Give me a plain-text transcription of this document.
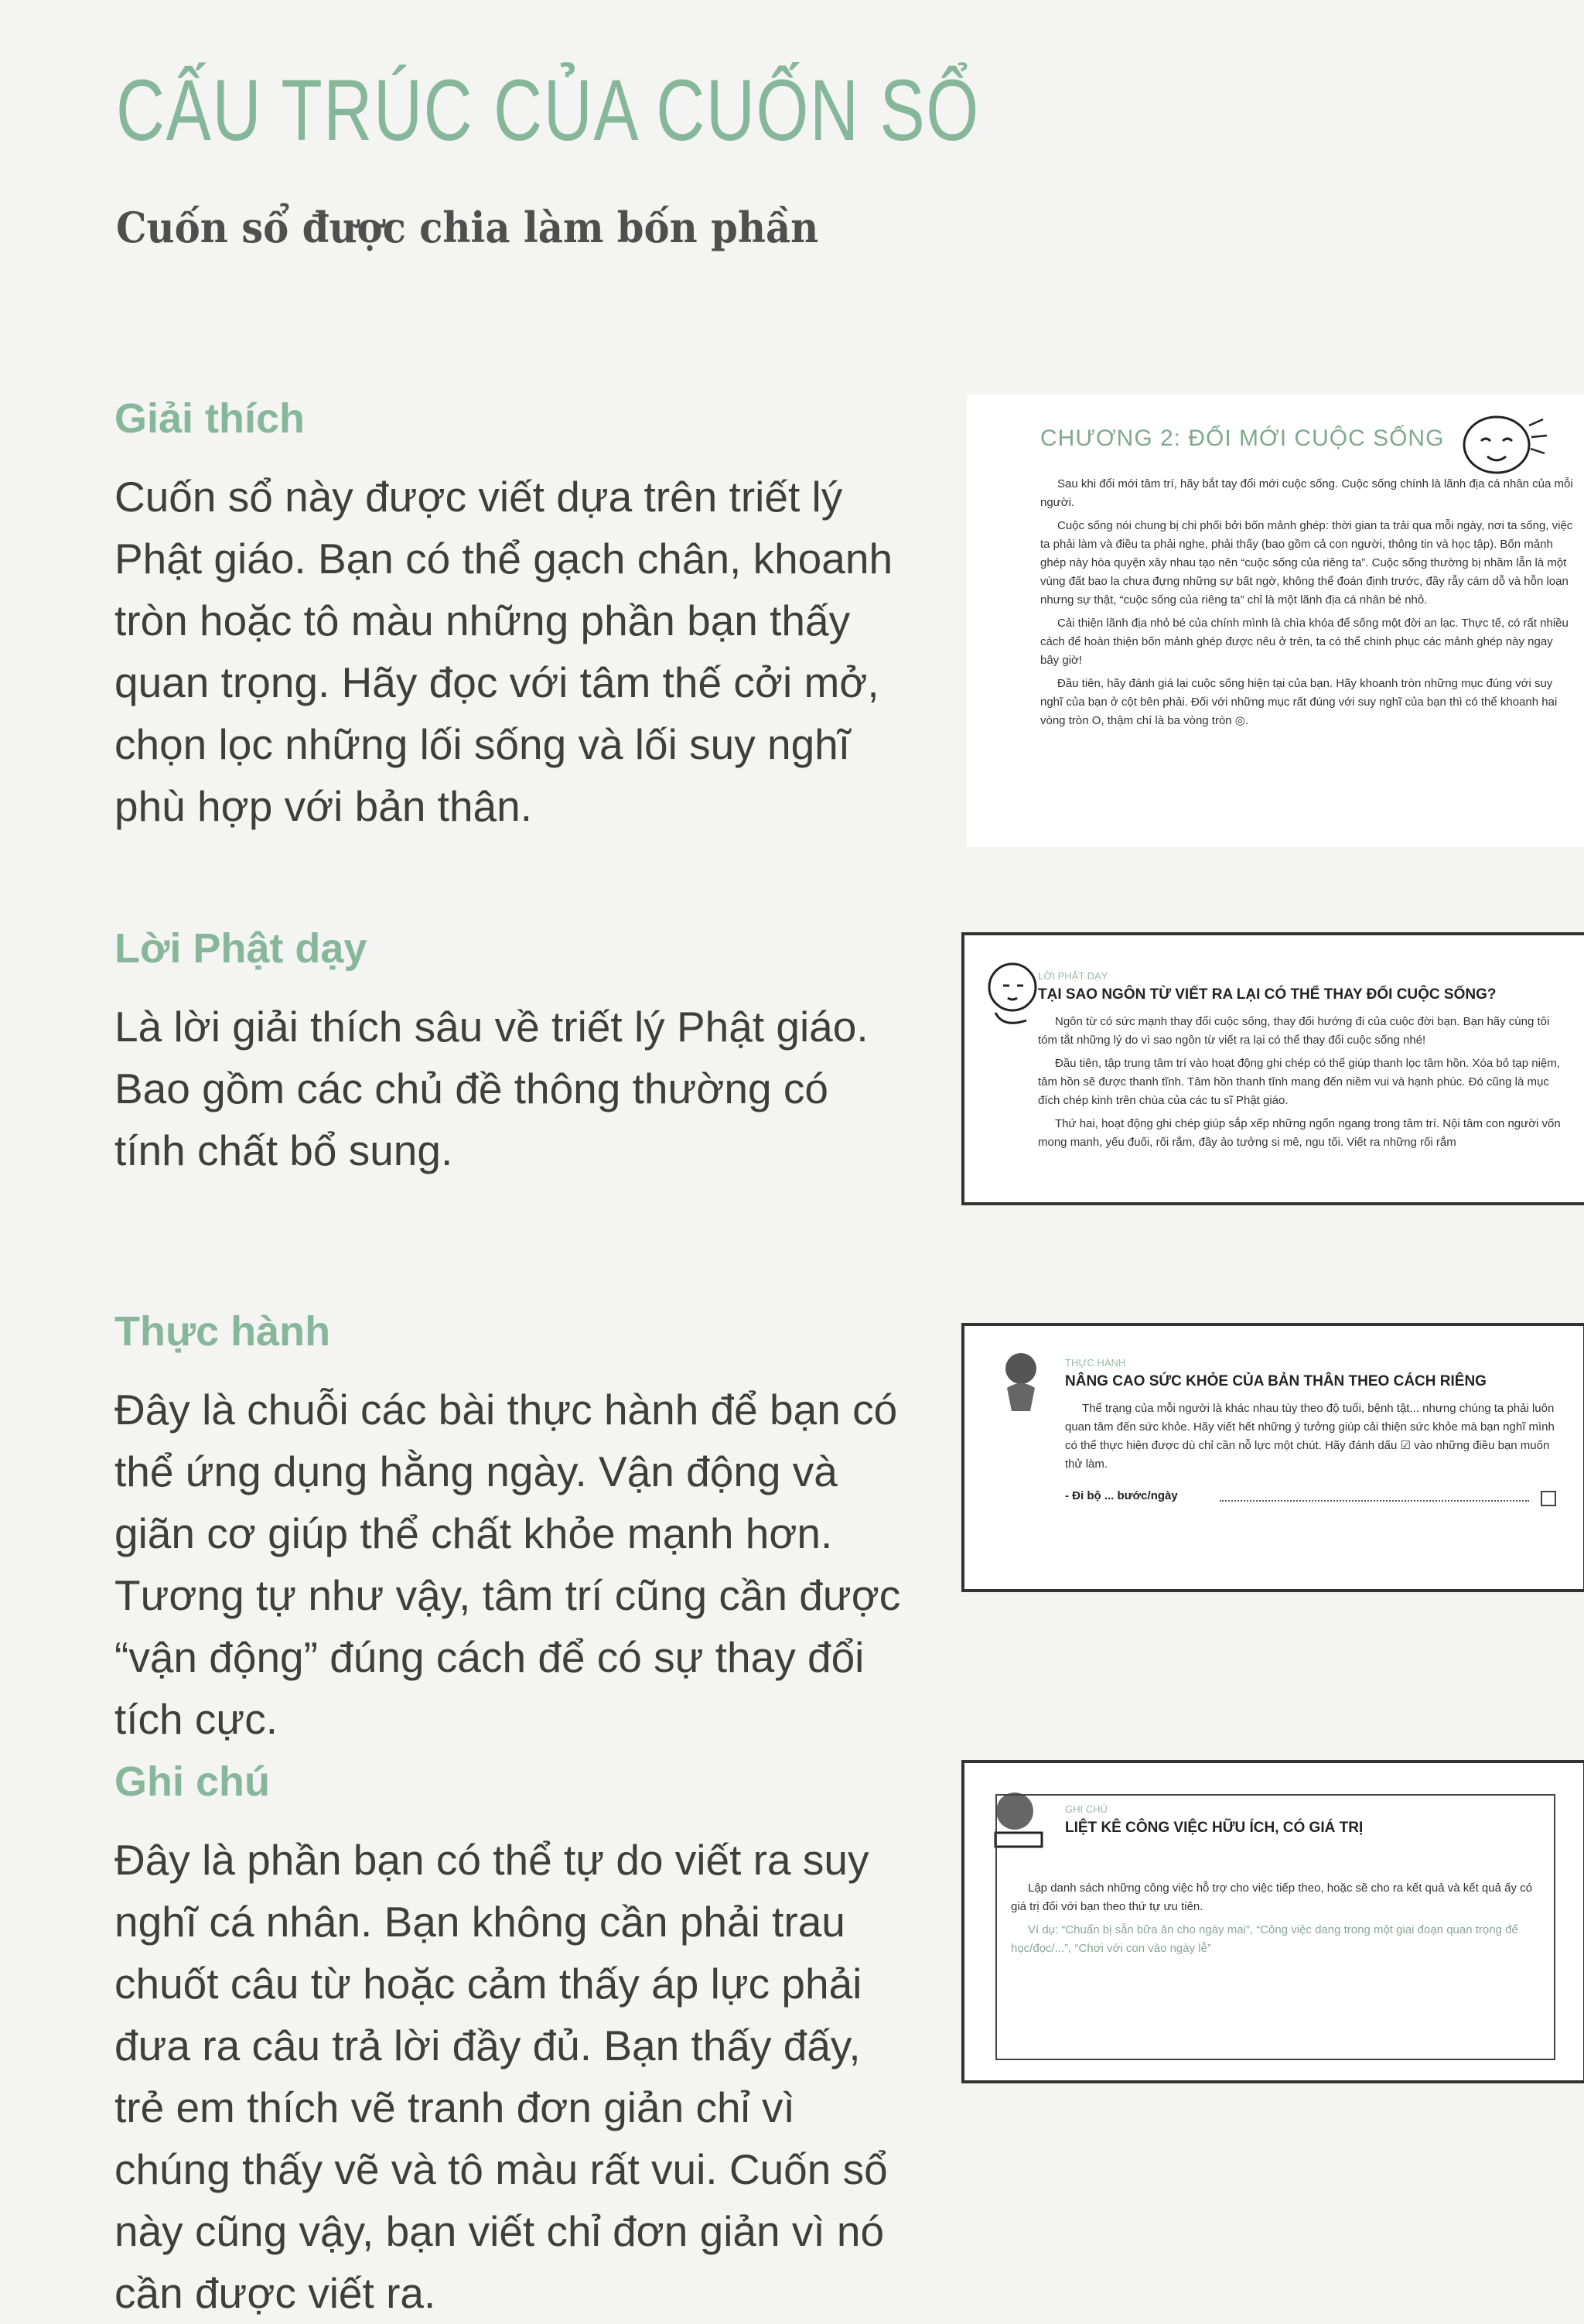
CẤU TRÚC CỦA CUỐN SỔ
Cuốn sổ được chia làm bốn phần
Giải thích

Cuốn sổ này được viết dựa trên triết lý Phật giáo. Bạn có thể gạch chân, khoanh tròn hoặc tô màu những phần bạn thấy quan trọng. Hãy đọc với tâm thế cởi mở, chọn lọc những lối sống và lối suy nghĩ phù hợp với bản thân.

Lời Phật dạy

Là lời giải thích sâu về triết lý Phật giáo. Bao gồm các chủ đề thông thường có tính chất bổ sung.

Thực hành

Đây là chuỗi các bài thực hành để bạn có thể ứng dụng hằng ngày. Vận động và giãn cơ giúp thể chất khỏe mạnh hơn. Tương tự như vậy, tâm trí cũng cần được “vận động” đúng cách để có sự thay đổi tích cực.

Ghi chú

Đây là phần bạn có thể tự do viết ra suy nghĩ cá nhân. Bạn không cần phải trau chuốt câu từ hoặc cảm thấy áp lực phải đưa ra câu trả lời đầy đủ. Bạn thấy đấy, trẻ em thích vẽ tranh đơn giản chỉ vì chúng thấy vẽ và tô màu rất vui. Cuốn sổ này cũng vậy, bạn viết chỉ đơn giản vì nó cần được viết ra.

CHƯƠNG 2: ĐỔI MỚI CUỘC SỐNG

Sau khi đổi mới tâm trí, hãy bắt tay đổi mới cuộc sống. Cuộc sống chính là lãnh địa cá nhân của mỗi người.

Cuộc sống nói chung bị chi phối bởi bốn mảnh ghép: thời gian ta trải qua mỗi ngày, nơi ta sống, việc ta phải làm và điều ta phải nghe, phải thấy (bao gồm cả con người, thông tin và học tập). Bốn mảnh ghép này hòa quyện xây nhau tạo nên “cuộc sống của riêng ta”. Cuộc sống thường bị nhầm lẫn là một vùng đất bao la chưa đựng những sự bất ngờ, không thể đoán định trước, đầy rẫy cám dỗ và hỗn loạn nhưng sự thật, “cuộc sống của riêng ta” chỉ là một lãnh địa cá nhân bé nhỏ.

Cải thiện lãnh địa nhỏ bé của chính mình là chìa khóa để sống một đời an lạc. Thực tế, có rất nhiều cách để hoàn thiện bốn mảnh ghép được nêu ở trên, ta có thể chinh phục các mảnh ghép này ngay bây giờ!

Đầu tiên, hãy đánh giá lại cuộc sống hiện tại của bạn. Hãy khoanh tròn những mục đúng với suy nghĩ của bạn ở cột bên phải. Đối với những mục rất đúng với suy nghĩ của bạn thì có thể khoanh hai vòng tròn O, thậm chí là ba vòng tròn ◎.

LỜI PHẬT DẠY
TẠI SAO NGÔN TỪ VIẾT RA LẠI CÓ THỂ THAY ĐỔI CUỘC SỐNG?

Ngôn từ có sức mạnh thay đổi cuộc sống, thay đổi hướng đi của cuộc đời bạn. Bạn hãy cùng tôi tóm tắt những lý do vì sao ngôn từ viết ra lại có thể thay đổi cuộc sống nhé!

Đầu tiên, tập trung tâm trí vào hoạt động ghi chép có thể giúp thanh lọc tâm hồn. Xóa bỏ tạp niệm, tâm hồn sẽ được thanh tĩnh. Tâm hồn thanh tĩnh mang đến niềm vui và hạnh phúc. Đó cũng là mục đích chép kinh trên chùa của các tu sĩ Phật giáo.

Thứ hai, hoạt động ghi chép giúp sắp xếp những ngổn ngang trong tâm trí. Nội tâm con người vốn mong manh, yếu đuối, rối rắm, đầy ảo tưởng si mê, ngu tối. Viết ra những rối rắm

THỰC HÀNH
NÂNG CAO SỨC KHỎE CỦA BẢN THÂN THEO CÁCH RIÊNG

Thể trạng của mỗi người là khác nhau tùy theo độ tuổi, bệnh tật... nhưng chúng ta phải luôn quan tâm đến sức khỏe. Hãy viết hết những ý tưởng giúp cải thiện sức khỏe mà bạn nghĩ mình có thể thực hiện được dù chỉ cần nỗ lực một chút. Hãy đánh dấu ☑ vào những điều bạn muốn thử làm.

- Đi bộ ... bước/ngày
GHI CHÚ
LIỆT KÊ CÔNG VIỆC HỮU ÍCH, CÓ GIÁ TRỊ

Lập danh sách những công việc hỗ trợ cho việc tiếp theo, hoặc sẽ cho ra kết quả và kết quả ấy có giá trị đối với bạn theo thứ tự ưu tiên.

Ví dụ: “Chuẩn bị sẵn bữa ăn cho ngày mai”, “Công việc dang trong một giai đoạn quan trọng để học/đọc/...”, “Chơi với con vào ngày lễ”
